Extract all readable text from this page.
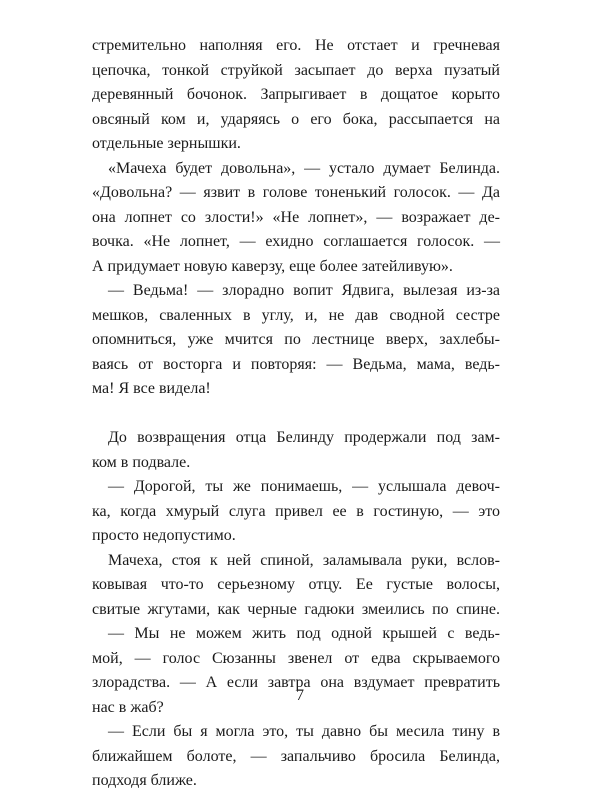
стремительно наполняя его. Не отстает и гречневая
цепочка, тонкой струйкой засыпает до верха пузатый
деревянный бочонок. Запрыгивает в дощатое корыто
овсяный ком и, ударяясь о его бока, рассыпается на
отдельные зернышки.
«Мачеха будет довольна», — устало думает Белинда.
«Довольна? — язвит в голове тоненький голосок. — Да
она лопнет со злости!» «Не лопнет», — возражает де-
вочка. «Не лопнет, — ехидно соглашается голосок. —
А придумает новую каверзу, еще более затейливую».
— Ведьма! — злорадно вопит Ядвига, вылезая из-за
мешков, сваленных в углу, и, не дав сводной сестре
опомниться, уже мчится по лестнице вверх, захлебы-
ваясь от восторга и повторяя: — Ведьма, мама, ведь-
ма! Я все видела!
До возвращения отца Белинду продержали под зам-
ком в подвале.
— Дорогой, ты же понимаешь, — услышала девоч-
ка, когда хмурый слуга привел ее в гостиную, — это
просто недопустимо.
Мачеха, стоя к ней спиной, заламывала руки, вслов-
ковывая что-то серьезному отцу. Ее густые волосы,
свитые жгутами, как черные гадюки змеились по спине.
— Мы не можем жить под одной крышей с ведь-
мой, — голос Сюзанны звенел от едва скрываемого
злорадства. — А если завтра она вздумает превратить
нас в жаб?
— Если бы я могла это, ты давно бы месила тину в
ближайшем болоте, — запальчиво бросила Белинда,
подходя ближе.
7
